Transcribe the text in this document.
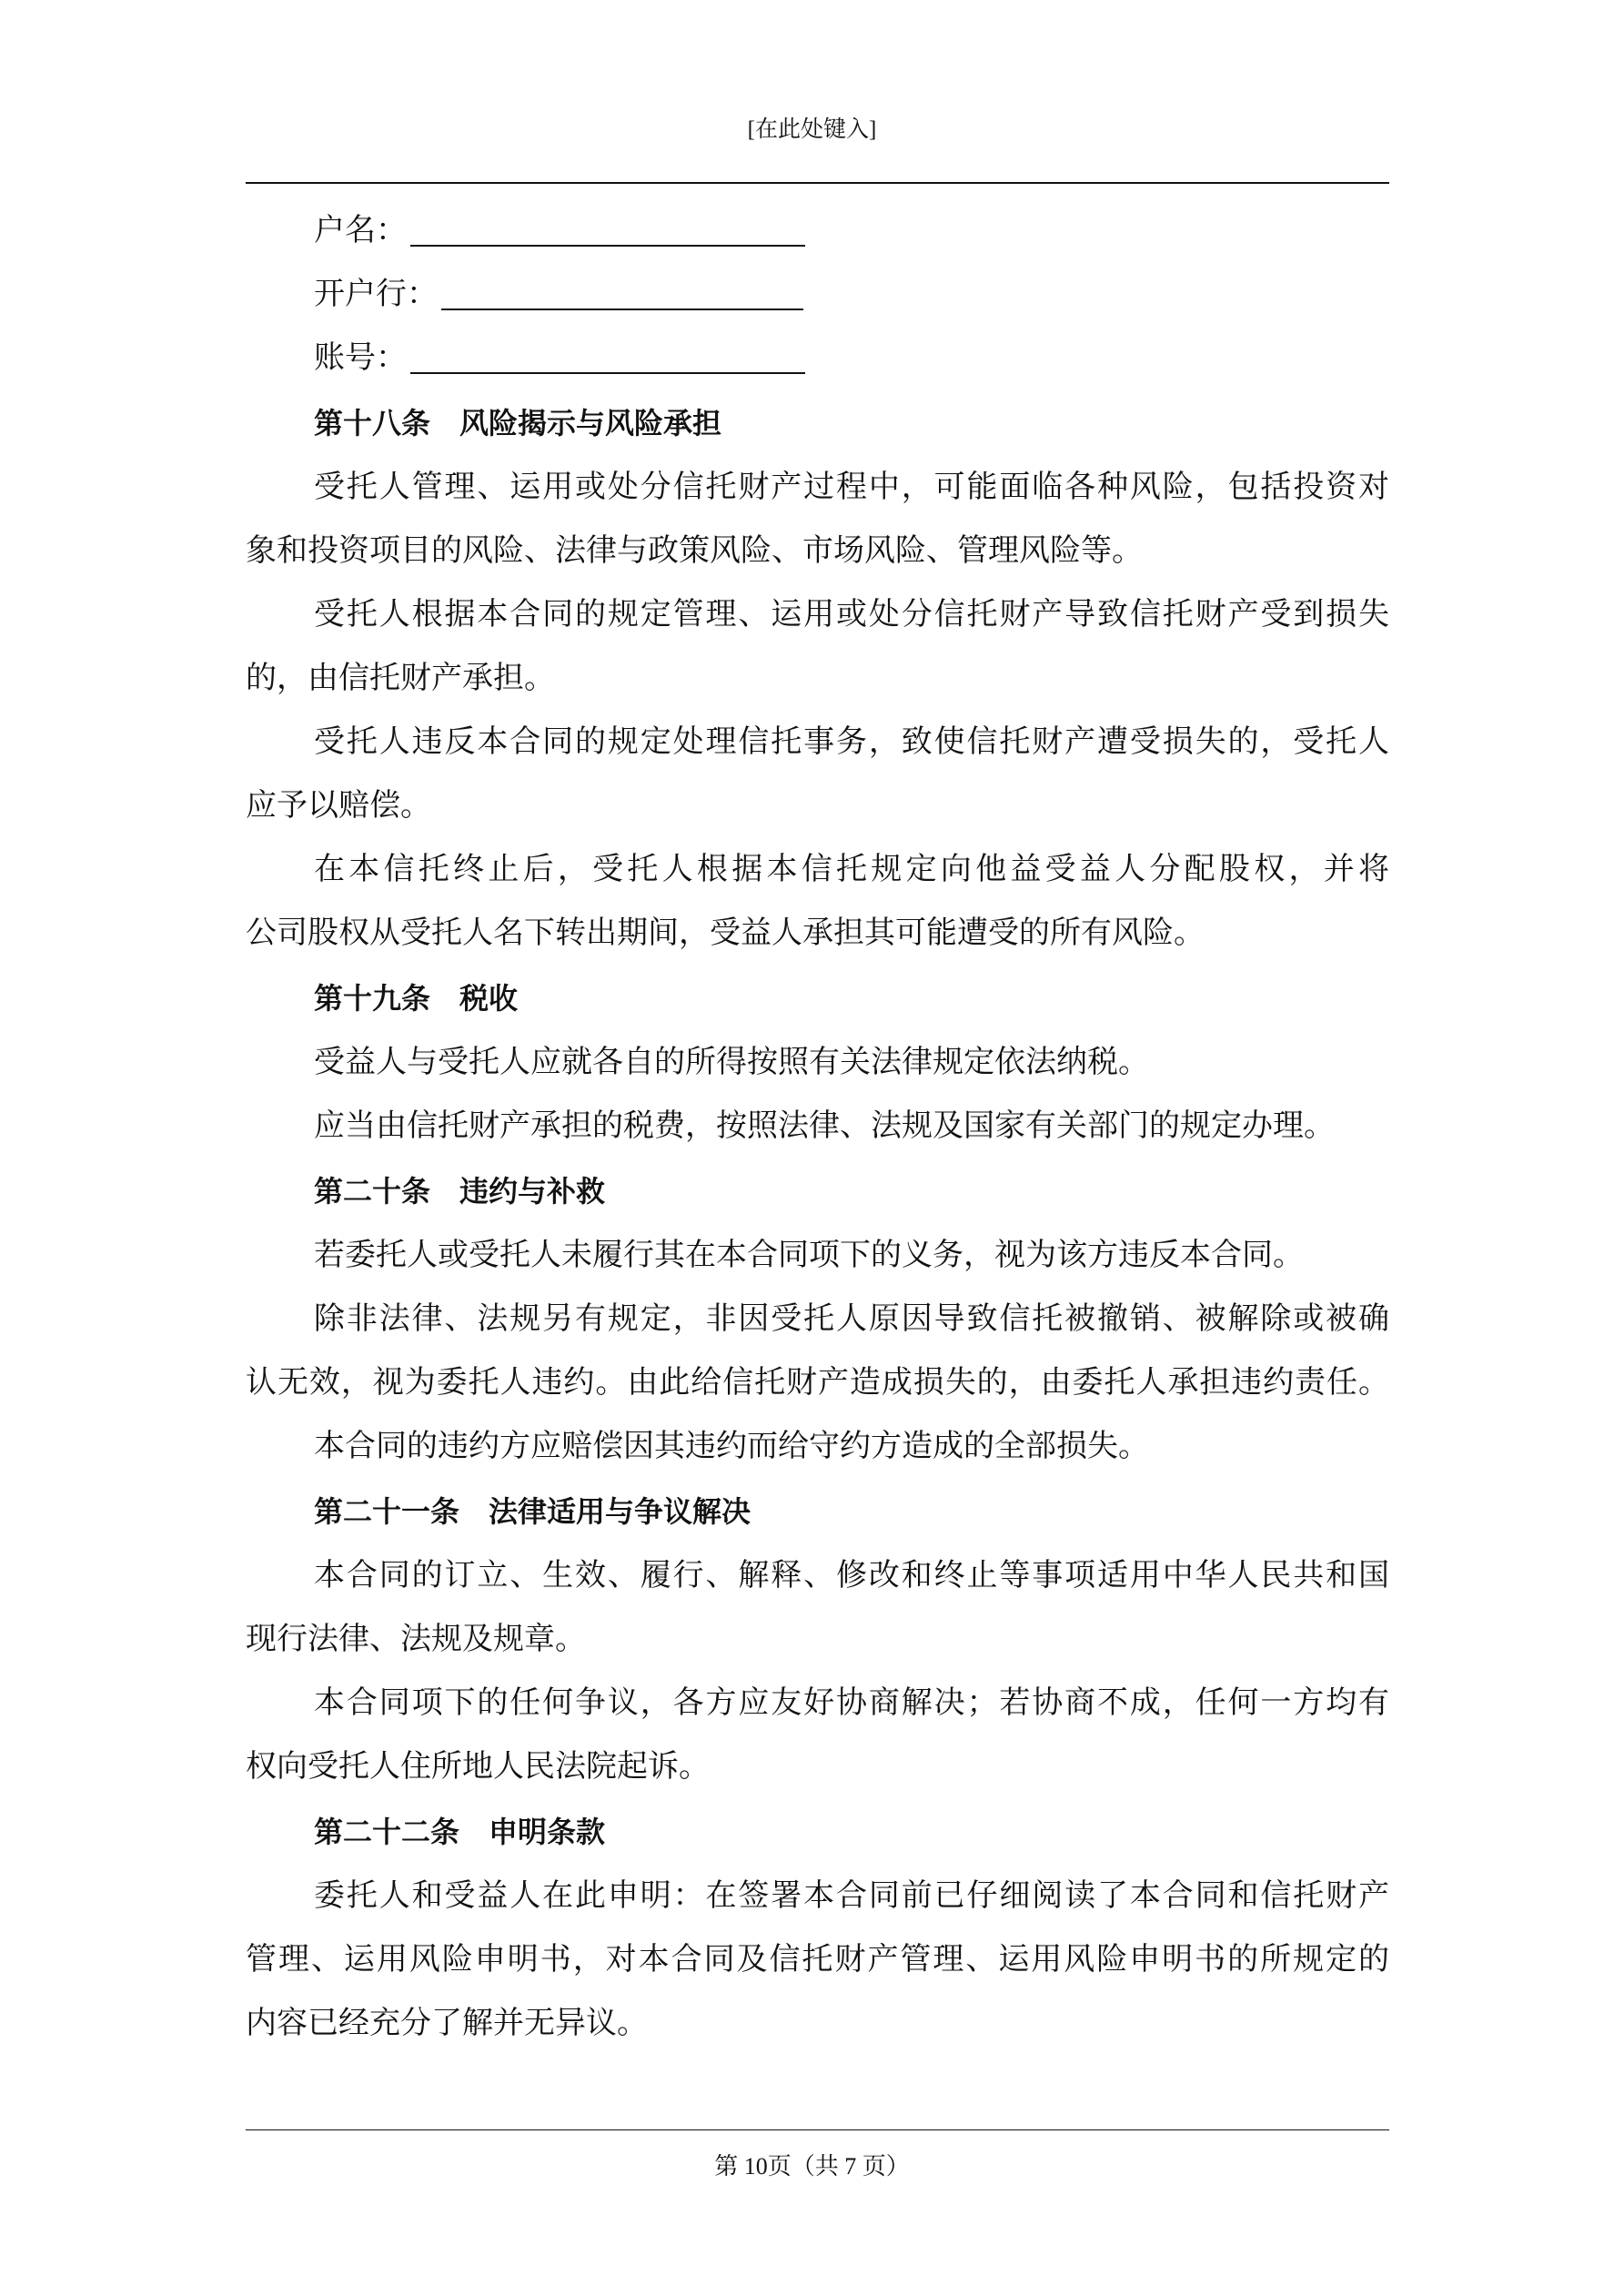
[在此处键入]
户名：
开户行：
账号：
第十八条　风险揭示与风险承担
受托人管理、运用或处分信托财产过程中，可能面临各种风险，包括投资对
象和投资项目的风险、法律与政策风险、市场风险、管理风险等。
受托人根据本合同的规定管理、运用或处分信托财产导致信托财产受到损失
的，由信托财产承担。
受托人违反本合同的规定处理信托事务，致使信托财产遭受损失的，受托人
应予以赔偿。
在本信托终止后，受托人根据本信托规定向他益受益人分配股权，并将
公司股权从受托人名下转出期间，受益人承担其可能遭受的所有风险。
第十九条　税收
受益人与受托人应就各自的所得按照有关法律规定依法纳税。
应当由信托财产承担的税费，按照法律、法规及国家有关部门的规定办理。
第二十条　违约与补救
若委托人或受托人未履行其在本合同项下的义务，视为该方违反本合同。
除非法律、法规另有规定，非因受托人原因导致信托被撤销、被解除或被确
认无效，视为委托人违约。由此给信托财产造成损失的，由委托人承担违约责任。
本合同的违约方应赔偿因其违约而给守约方造成的全部损失。
第二十一条　法律适用与争议解决
本合同的订立、生效、履行、解释、修改和终止等事项适用中华人民共和国
现行法律、法规及规章。
本合同项下的任何争议，各方应友好协商解决；若协商不成，任何一方均有
权向受托人住所地人民法院起诉。
第二十二条　申明条款
委托人和受益人在此申明：在签署本合同前已仔细阅读了本合同和信托财产
管理、运用风险申明书，对本合同及信托财产管理、运用风险申明书的所规定的
内容已经充分了解并无异议。
第 10页（共 7 页）
